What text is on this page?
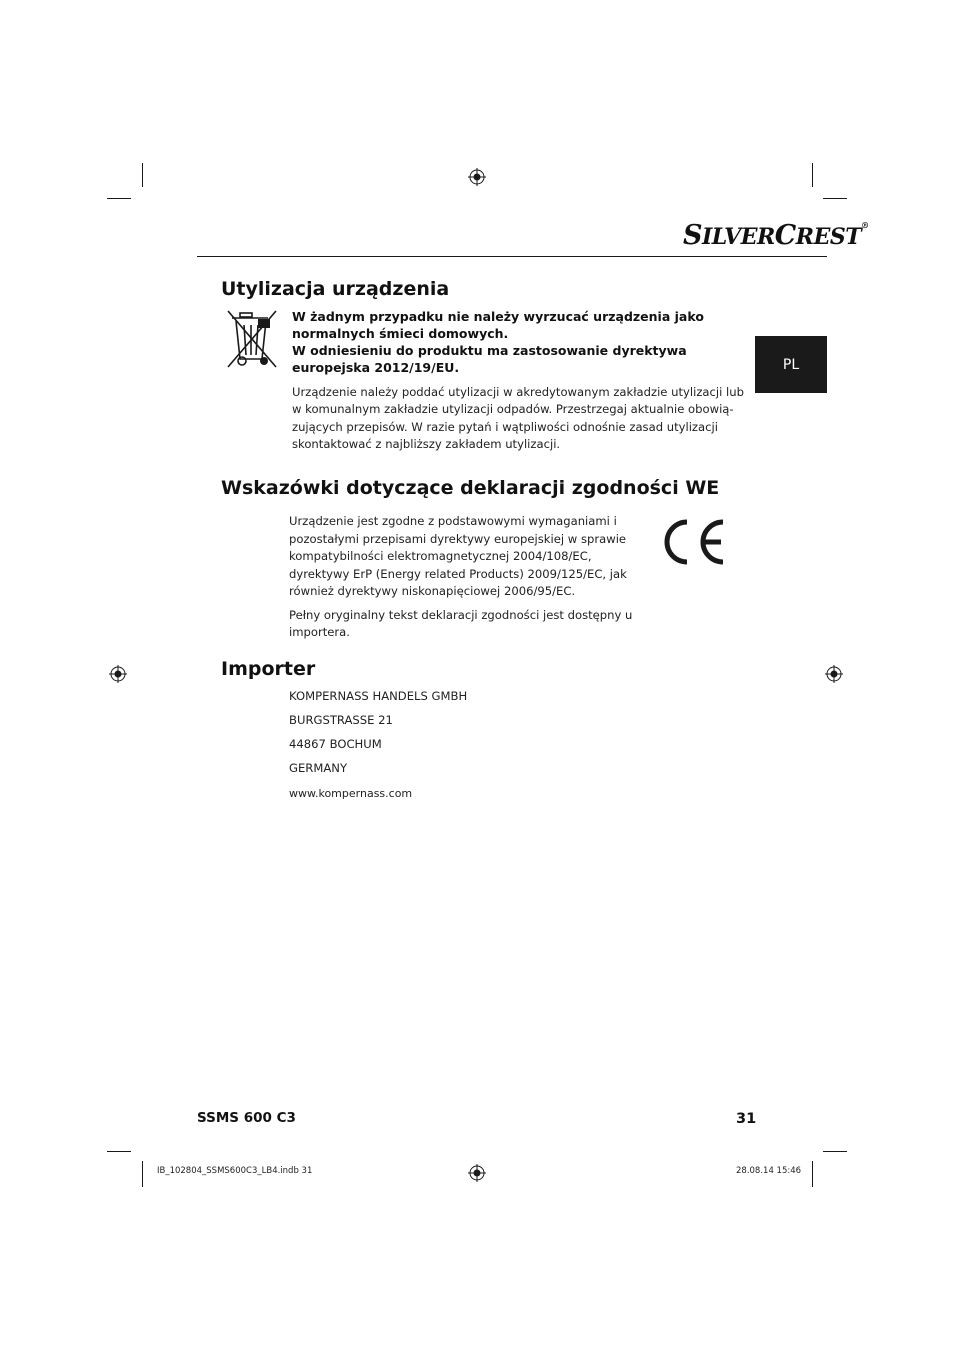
SILVERCREST®
PL
Utylizacja urządzenia

W żadnym przypadku nie należy wyrzucać urządzenia jako

normalnych śmieci domowych.

W odniesieniu do produktu ma zastosowanie dyrektywa

europejska 2012/19/EU.

Urządzenie należy poddać utylizacji w akredytowanym zakładzie utylizacji lub

w komunalnym zakładzie utylizacji odpadów. Przestrzegaj aktualnie obowią-

zujących przepisów. W razie pytań i wątpliwości odnośnie zasad utylizacji

skontaktować z najbliższy zakładem utylizacji.

Wskazówki dotyczące deklaracji zgodności WE

Urządzenie jest zgodne z podstawowymi wymaganiami i

pozostałymi przepisami dyrektywy europejskiej w sprawie

kompatybilności elektromagnetycznej 2004/108/EC,

dyrektywy ErP (Energy related Products) 2009/125/EC, jak

również dyrektywy niskonapięciowej 2006/95/EC.

Pełny oryginalny tekst deklaracji zgodności jest dostępny u

importera.

Importer

KOMPERNASS HANDELS GMBH

BURGSTRASSE 21

44867 BOCHUM

GERMANY

www.kompernass.com

SSMS 600 C3	31
IB_102804_SSMS600C3_LB4.indb 31	28.08.14 15:46
